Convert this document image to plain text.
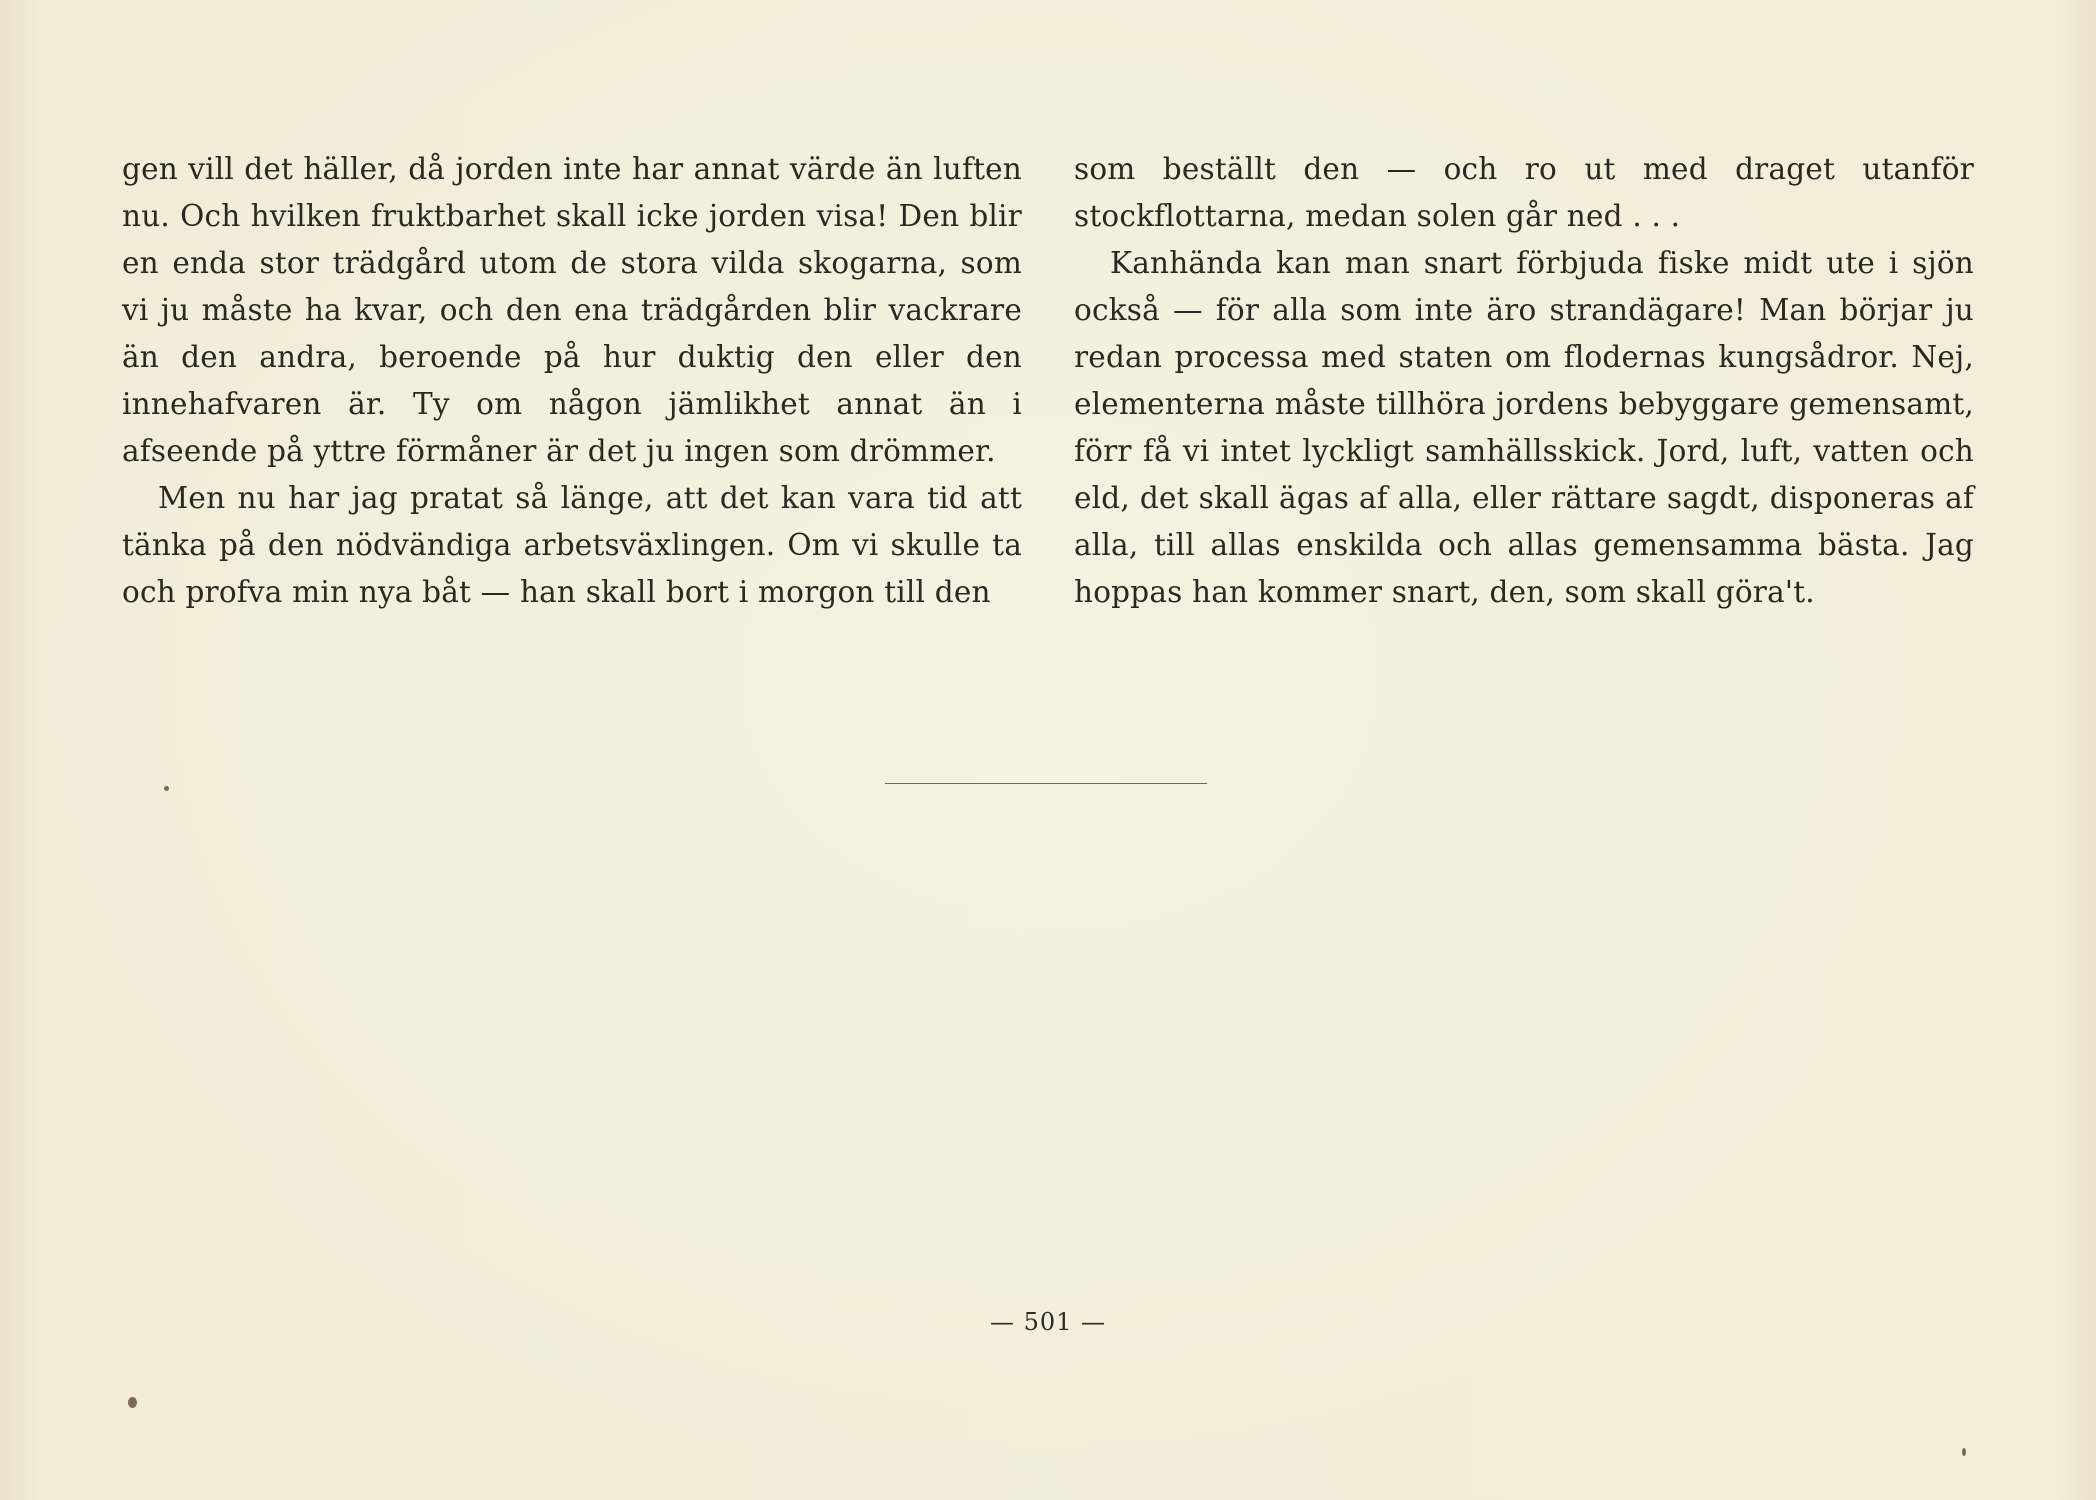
gen vill det häller, då jorden inte har annat värde än luften nu. Och hvilken fruktbarhet skall icke jorden visa! Den blir en enda stor trädgård utom de stora vilda skogarna, som vi ju måste ha kvar, och den ena trädgården blir vackrare än den andra, beroende på hur duktig den eller den innehafvaren är. Ty om någon jämlikhet annat än i afseende på yttre förmåner är det ju ingen som drömmer.

Men nu har jag pratat så länge, att det kan vara tid att tänka på den nödvändiga arbetsväxlingen. Om vi skulle ta och profva min nya båt — han skall bort i morgon till den

som beställt den — och ro ut med draget utanför stockflottarna, medan solen går ned . . .

Kanhända kan man snart förbjuda fiske midt ute i sjön också — för alla som inte äro strandägare! Man börjar ju redan processa med staten om flodernas kungsådror. Nej, elementerna måste tillhöra jordens bebyggare gemensamt, förr få vi intet lyckligt samhällsskick. Jord, luft, vatten och eld, det skall ägas af alla, eller rättare sagdt, disponeras af alla, till allas enskilda och allas gemensamma bästa. Jag hoppas han kommer snart, den, som skall göra't.

— 501 —
